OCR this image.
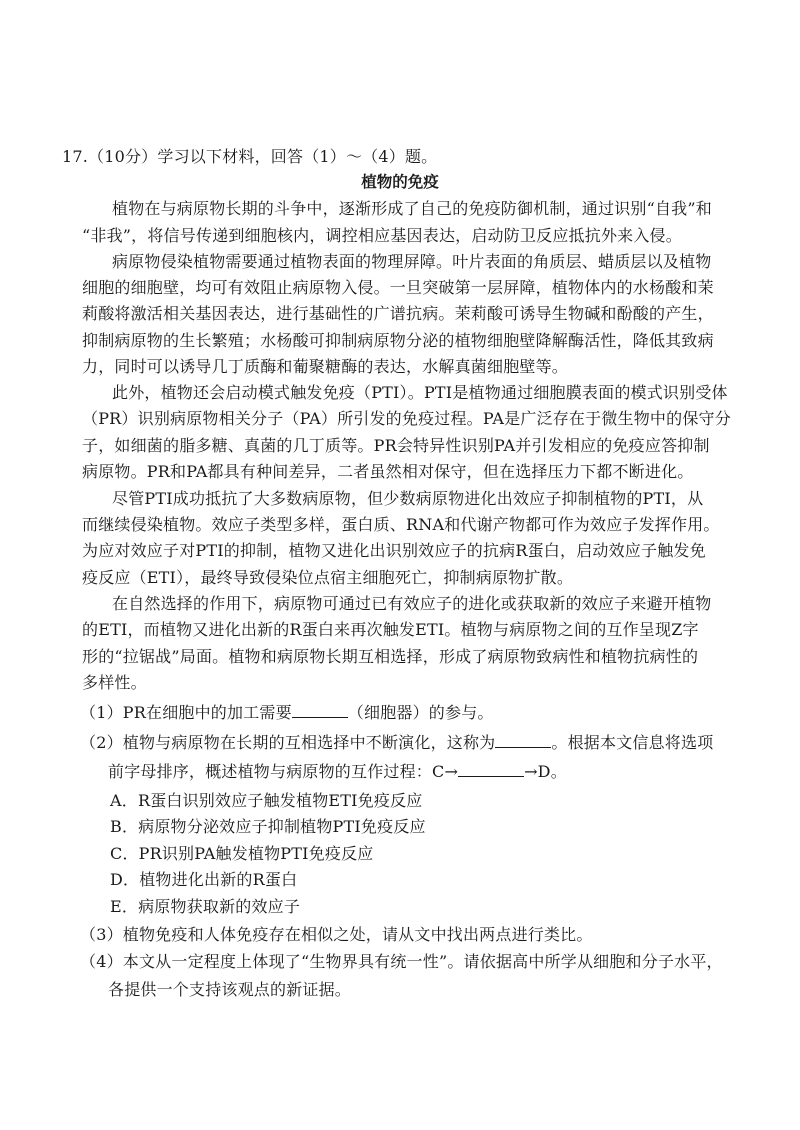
17.（10分）学习以下材料，回答（1）～（4）题。
植物的免疫
植物在与病原物长期的斗争中，逐渐形成了自己的免疫防御机制，通过识别“自我”和
“非我”，将信号传递到细胞核内，调控相应基因表达，启动防卫反应抵抗外来入侵。
病原物侵染植物需要通过植物表面的物理屏障。叶片表面的角质层、蜡质层以及植物
细胞的细胞壁，均可有效阻止病原物入侵。一旦突破第一层屏障，植物体内的水杨酸和茉
莉酸将激活相关基因表达，进行基础性的广谱抗病。茉莉酸可诱导生物碱和酚酸的产生，
抑制病原物的生长繁殖；水杨酸可抑制病原物分泌的植物细胞壁降解酶活性，降低其致病
力，同时可以诱导几丁质酶和葡聚糖酶的表达，水解真菌细胞壁等。
此外，植物还会启动模式触发免疫（PTI）。PTI是植物通过细胞膜表面的模式识别受体
（PR）识别病原物相关分子（PA）所引发的免疫过程。PA是广泛存在于微生物中的保守分
子，如细菌的脂多糖、真菌的几丁质等。PR会特异性识别PA并引发相应的免疫应答抑制
病原物。PR和PA都具有种间差异，二者虽然相对保守，但在选择压力下都不断进化。
尽管PTI成功抵抗了大多数病原物，但少数病原物进化出效应子抑制植物的PTI，从
而继续侵染植物。效应子类型多样，蛋白质、RNA和代谢产物都可作为效应子发挥作用。
为应对效应子对PTI的抑制，植物又进化出识别效应子的抗病R蛋白，启动效应子触发免
疫反应（ETI），最终导致侵染位点宿主细胞死亡，抑制病原物扩散。
在自然选择的作用下，病原物可通过已有效应子的进化或获取新的效应子来避开植物
的ETI，而植物又进化出新的R蛋白来再次触发ETI。植物与病原物之间的互作呈现Z字
形的“拉锯战”局面。植物和病原物长期互相选择，形成了病原物致病性和植物抗病性的
多样性。
（1）PR在细胞中的加工需要	（细胞器）的参与。
（2）植物与病原物在长期的互相选择中不断演化，这称为	。根据本文信息将选项
前字母排序，概述植物与病原物的互作过程：C→	→D。
A．R蛋白识别效应子触发植物ETI免疫反应
B．病原物分泌效应子抑制植物PTI免疫反应
C．PR识别PA触发植物PTI免疫反应
D．植物进化出新的R蛋白
E．病原物获取新的效应子
（3）植物免疫和人体免疫存在相似之处，请从文中找出两点进行类比。
（4）本文从一定程度上体现了“生物界具有统一性”。请依据高中所学从细胞和分子水平，
各提供一个支持该观点的新证据。
